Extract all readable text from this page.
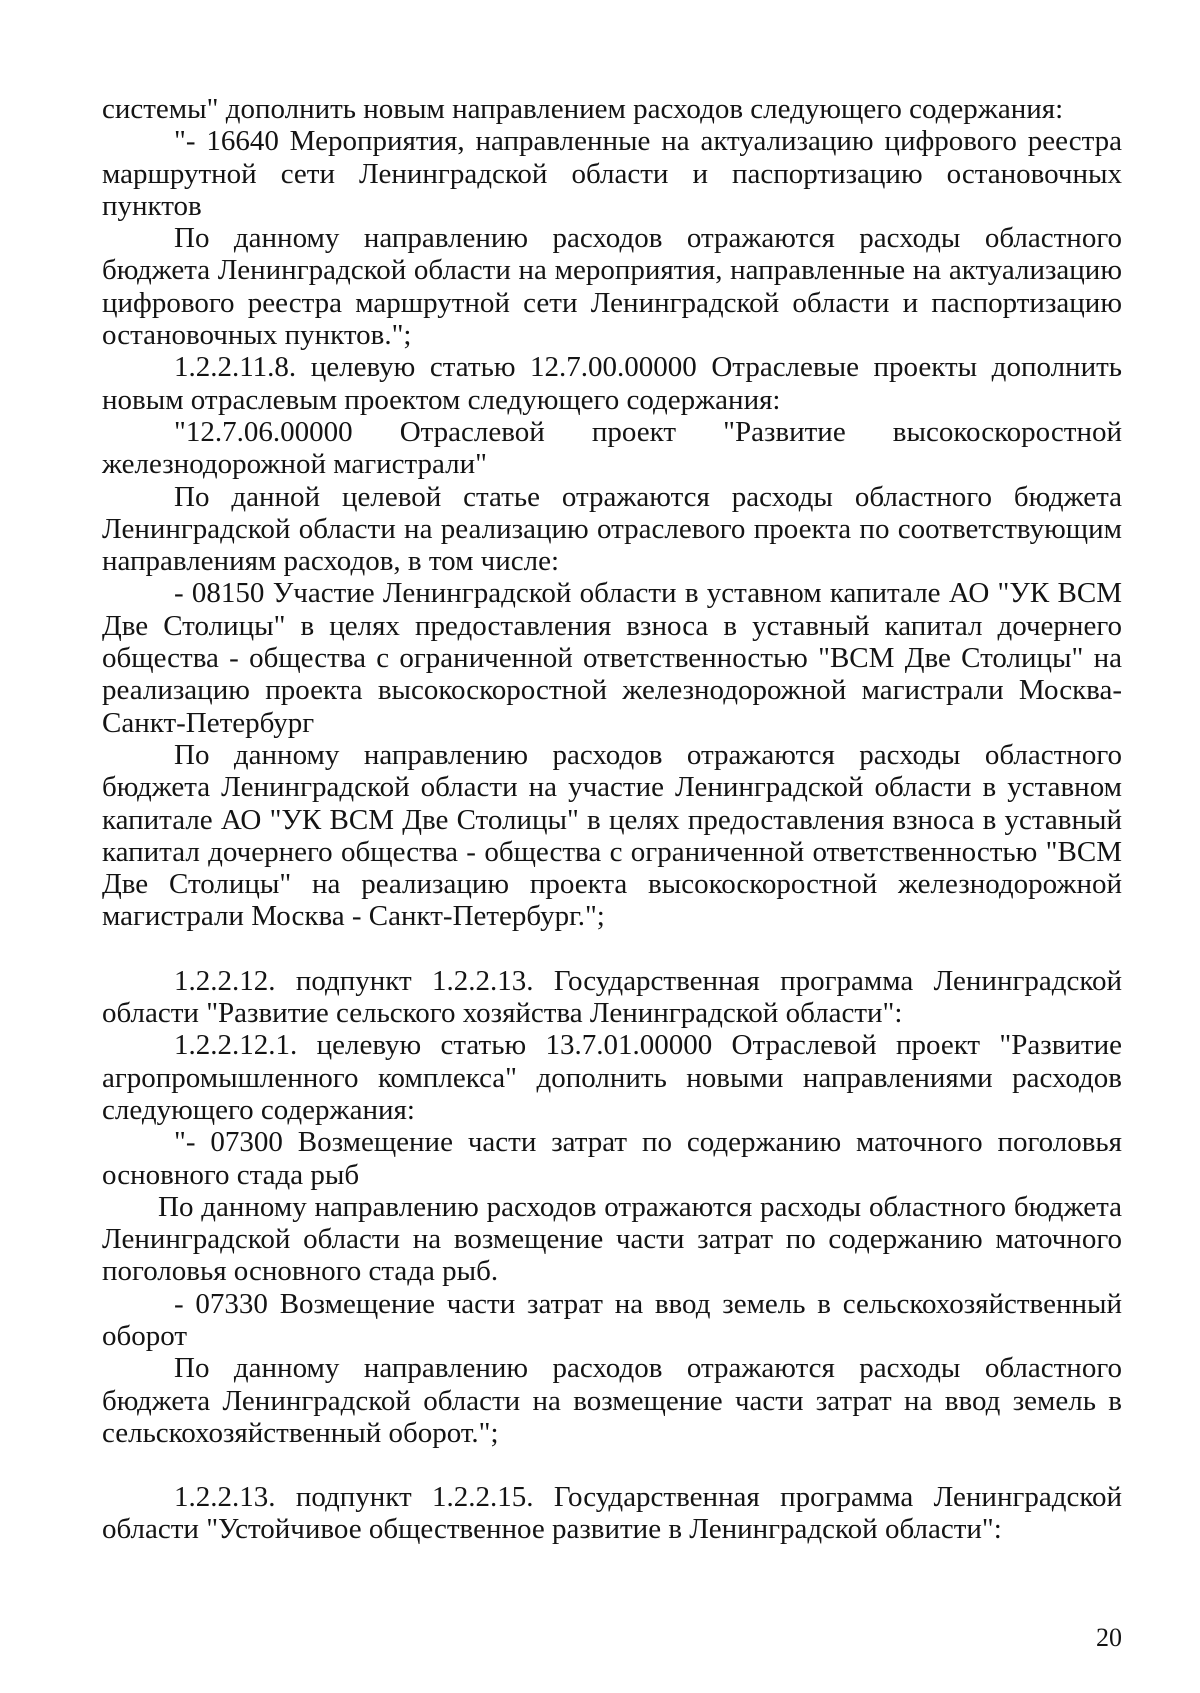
системы" дополнить новым направлением расходов следующего содержания:

"- 16640 Мероприятия, направленные на актуализацию цифрового реестра маршрутной сети Ленинградской области и паспортизацию остановочных пунктов

По данному направлению расходов отражаются расходы областного бюджета Ленинградской области на мероприятия, направленные на актуализацию цифрового реестра маршрутной сети Ленинградской области и паспортизацию остановочных пунктов.";

1.2.2.11.8. целевую статью 12.7.00.00000 Отраслевые проекты дополнить новым отраслевым проектом следующего содержания:

"12.7.06.00000 Отраслевой проект "Развитие высокоскоростной железнодорожной магистрали"

По данной целевой статье отражаются расходы областного бюджета Ленинградской области на реализацию отраслевого проекта по соответствующим направлениям расходов, в том числе:

- 08150 Участие Ленинградской области в уставном капитале АО "УК ВСМ Две Столицы" в целях предоставления взноса в уставный капитал дочернего общества - общества с ограниченной ответственностью "ВСМ Две Столицы" на реализацию проекта высокоскоростной железнодорожной магистрали Москва-Санкт-Петербург

По данному направлению расходов отражаются расходы областного бюджета Ленинградской области на участие Ленинградской области в уставном капитале АО "УК ВСМ Две Столицы" в целях предоставления взноса в уставный капитал дочернего общества - общества с ограниченной ответственностью "ВСМ Две Столицы" на реализацию проекта высокоскоростной железнодорожной магистрали Москва - Санкт-Петербург.";

1.2.2.12. подпункт 1.2.2.13. Государственная программа Ленинградской области "Развитие сельского хозяйства Ленинградской области":

1.2.2.12.1. целевую статью 13.7.01.00000 Отраслевой проект "Развитие агропромышленного комплекса" дополнить новыми направлениями расходов следующего содержания:

"- 07300 Возмещение части затрат по содержанию маточного поголовья основного стада рыб

По данному направлению расходов отражаются расходы областного бюджета Ленинградской области на возмещение части затрат по содержанию маточного поголовья основного стада рыб.

- 07330 Возмещение части затрат на ввод земель в сельскохозяйственный оборот

По данному направлению расходов отражаются расходы областного бюджета Ленинградской области на возмещение части затрат на ввод земель в сельскохозяйственный оборот.";

1.2.2.13. подпункт 1.2.2.15. Государственная программа Ленинградской области "Устойчивое общественное развитие в Ленинградской области":

20
